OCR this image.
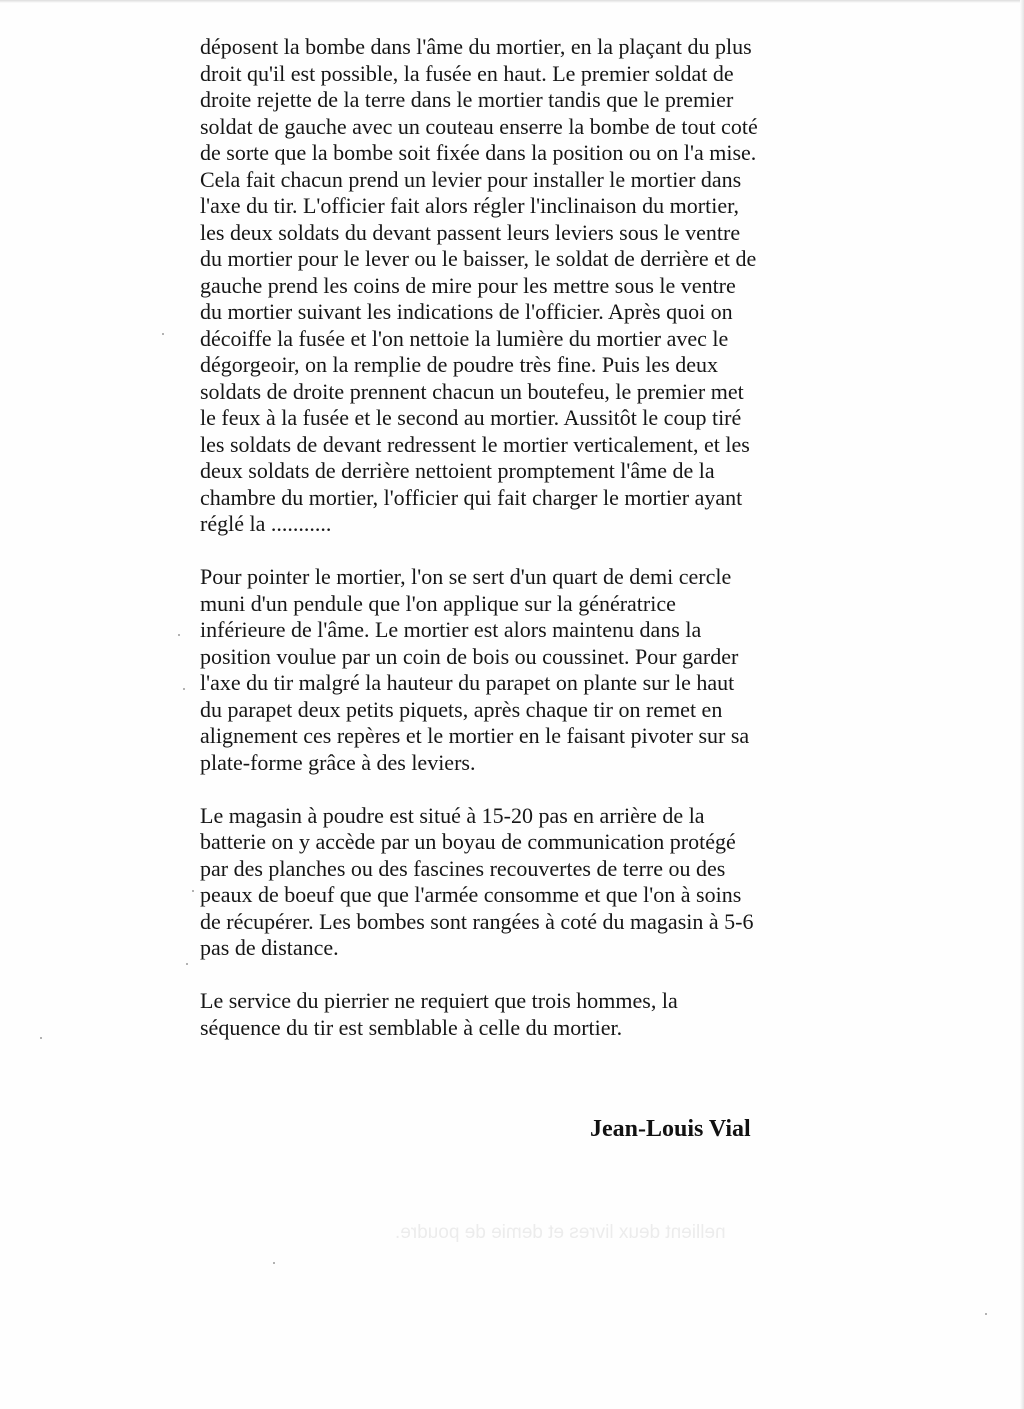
déposent la bombe dans l'âme du mortier, en la plaçant du plus
droit qu'il est possible, la fusée en haut. Le premier soldat de
droite rejette de la terre dans le mortier tandis que le premier
soldat de gauche avec un couteau enserre la bombe de tout coté
de sorte que la bombe soit fixée dans la position ou on l'a mise.
Cela fait chacun prend un levier pour installer le mortier dans
l'axe du tir. L'officier fait alors régler l'inclinaison du mortier,
les deux soldats du devant passent leurs leviers sous le ventre
du mortier pour le lever ou le baisser, le soldat de derrière et de
gauche prend les coins de mire pour les mettre sous le ventre
du mortier suivant les indications de l'officier. Après quoi on
décoiffe la fusée et l'on nettoie la lumière du mortier avec le
dégorgeoir, on la remplie de poudre très fine. Puis les deux
soldats de droite prennent chacun un boutefeu, le premier met
le feux à la fusée et le second au mortier. Aussitôt le coup tiré
les soldats de devant redressent le mortier verticalement, et les
deux soldats de derrière nettoient promptement l'âme de la
chambre du mortier, l'officier qui fait charger le mortier ayant
réglé la ...........
Pour pointer le mortier, l'on se sert d'un quart de demi cercle
muni d'un pendule que l'on applique sur la génératrice
inférieure de l'âme. Le mortier est alors maintenu dans la
position voulue par un coin de bois ou coussinet. Pour garder
l'axe du tir malgré la hauteur du parapet on plante sur le haut
du parapet deux petits piquets, après chaque tir on remet en
alignement ces repères et le mortier en le faisant pivoter sur sa
plate-forme grâce à des leviers.
Le magasin à poudre est situé à 15-20 pas en arrière de la
batterie on y accède par un boyau de communication protégé
par des planches ou des fascines recouvertes de terre ou des
peaux de boeuf que que l'armée consomme et que l'on à soins
de récupérer. Les bombes sont rangées à coté du magasin à 5-6
pas de distance.
Le service du pierrier ne requiert que trois hommes, la
séquence du tir est semblable à celle du mortier.
Jean-Louis Vial
nellient deux livres et demie de poudre.
